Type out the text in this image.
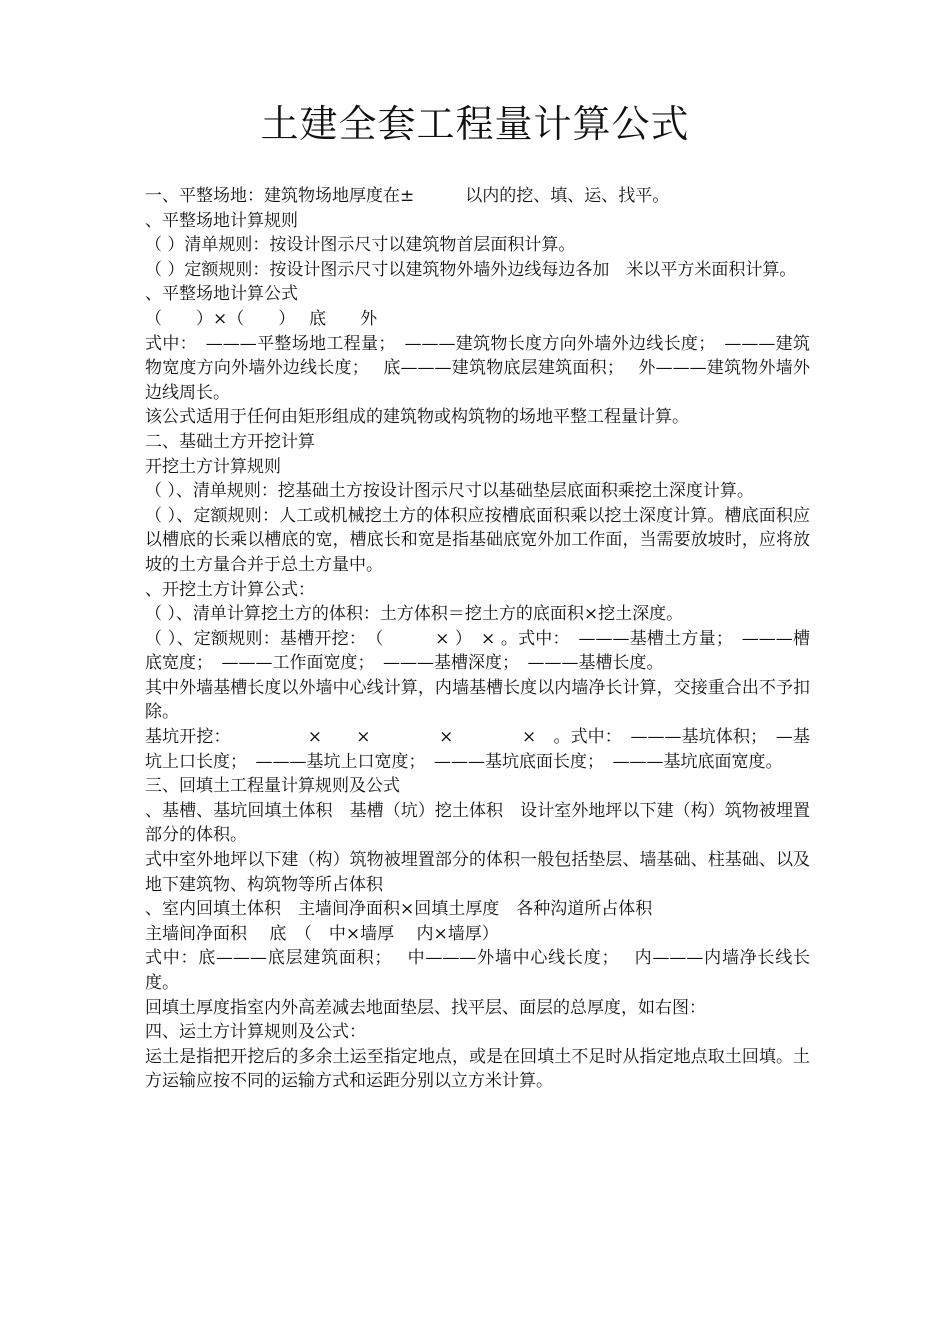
土建全套工程量计算公式

一、平整场地：建筑物场地厚度在±　　　以内的挖、填、运、找平。

、平整场地计算规则

（ ）清单规则：按设计图示尺寸以建筑物首层面积计算。

（ ）定额规则：按设计图示尺寸以建筑物外墙外边线每边各加　米以平方米面积计算。

、平整场地计算公式

（　　）×（　　）　 底　　外

式中：　———平整场地工程量；　———建筑物长度方向外墙外边线长度；　———建筑物宽度方向外墙外边线长度；　 底———建筑物底层建筑面积；　 外———建筑物外墙外边线周长。

该公式适用于任何由矩形组成的建筑物或构筑物的场地平整工程量计算。

二、基础土方开挖计算

开挖土方计算规则

（ ）、清单规则：挖基础土方按设计图示尺寸以基础垫层底面积乘挖土深度计算。

（ ）、定额规则：人工或机械挖土方的体积应按槽底面积乘以挖土深度计算。槽底面积应以槽底的长乘以槽底的宽，槽底长和宽是指基础底宽外加工作面，当需要放坡时，应将放坡的土方量合并于总土方量中。

、开挖土方计算公式：

（ ）、清单计算挖土方的体积：土方体积＝挖土方的底面积×挖土深度。

（ ）、定额规则：基槽开挖：　（　　　× ）　× 。式中：　———基槽土方量；　———槽底宽度；　———工作面宽度；　———基槽深度；　———基槽长度。

其中外墙基槽长度以外墙中心线计算，内墙基槽长度以内墙净长计算，交接重合出不予扣除。

基坑开挖：　　　　　×　　×　　　　×　　　　×　。式中：　———基坑体积；　—基坑上口长度；　———基坑上口宽度；　———基坑底面长度；　———基坑底面宽度。

三、回填土工程量计算规则及公式

、基槽、基坑回填土体积　基槽（坑）挖土体积　设计室外地坪以下建（构）筑物被埋置部分的体积。

式中室外地坪以下建（构）筑物被埋置部分的体积一般包括垫层、墙基础、柱基础、以及地下建筑物、构筑物等所占体积

、室内回填土体积　主墙间净面积×回填土厚度　各种沟道所占体积

主墙间净面积　 底　（　中×墙厚　 内×墙厚）

式中：底———底层建筑面积；　 中———外墙中心线长度；　 内———内墙净长线长度。

回填土厚度指室内外高差减去地面垫层、找平层、面层的总厚度，如右图：

四、运土方计算规则及公式：

运土是指把开挖后的多余土运至指定地点，或是在回填土不足时从指定地点取土回填。土方运输应按不同的运输方式和运距分别以立方米计算。
